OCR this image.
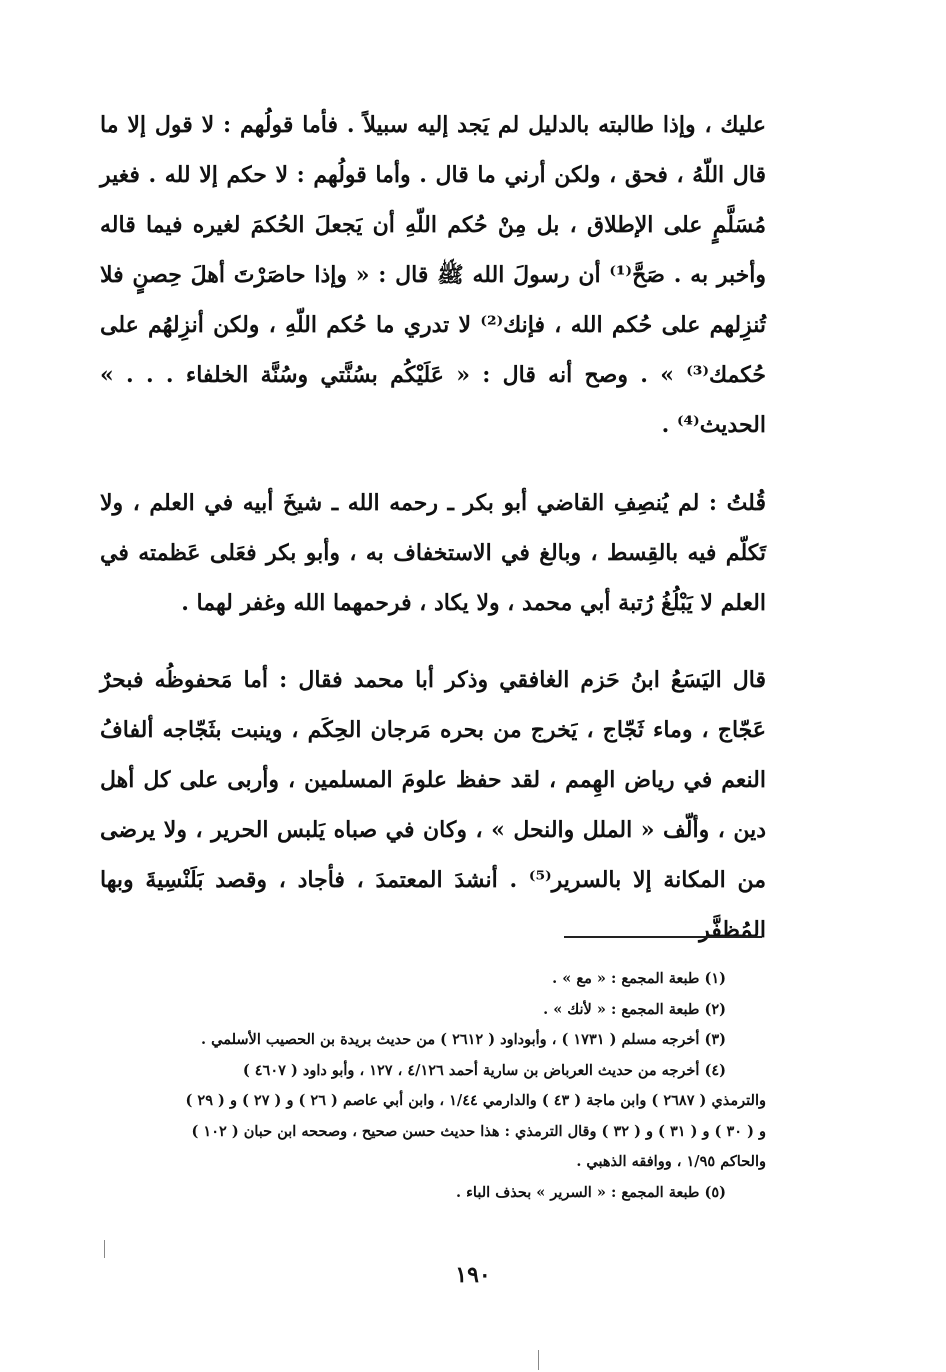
عليك ، وإذا طالبته بالدليل لم يَجد إليه سبيلاً . فأما قولُهم : لا قول إلا ما قال اللّهُ ، فحق ، ولكن أرني ما قال . وأما قولُهم : لا حكم إلا لله . فغير مُسَلَّمٍ على الإطلاق ، بل مِنْ حُكم اللّهِ أن يَجعلَ الحُكمَ لغيره فيما قاله وأخبر به . صَحَّ⁽¹⁾ أن رسولَ الله ﷺ قال : « وإذا حاصَرْتَ أهلَ حِصنٍ فلا تُنزِلهم على حُكم الله ، فإنك⁽²⁾ لا تدري ما حُكم اللّهِ ، ولكن أنزِلهُم على حُكمك⁽³⁾ » . وصح أنه قال : « عَلَيْكُم بسُنَّتي وسُنَّة الخلفاء . . . » الحديث⁽⁴⁾ .

قُلتُ : لم يُنصِفِ القاضي أبو بكر ـ رحمه الله ـ شيخَ أبيه في العلم ، ولا تَكلّم فيه بالقِسط ، وبالغ في الاستخفاف به ، وأبو بكر فعَلى عَظمته في العلم لا يَبْلُغُ رُتبة أبي محمد ، ولا يكاد ، فرحمهما الله وغفر لهما .

قال اليَسَعُ ابنُ حَزم الغافقي وذكر أبا محمد فقال : أما مَحفوظُه فبحرٌ عَجّاج ، وماء ثَجّاج ، يَخرج من بحره مَرجان الحِكَم ، وينبت بثَجّاجه ألفافُ النعم في رياض الهِمم ، لقد حفظ علومَ المسلمين ، وأربى على كل أهل دين ، وألّف « الملل والنحل » ، وكان في صباه يَلبس الحرير ، ولا يرضى من المكانة إلا بالسرير⁽⁵⁾ . أنشدَ المعتمدَ ، فأجاد ، وقصد بَلَنْسِيةَ وبها المُظفَّر

(١) طبعة المجمع : « مع » .

(٢) طبعة المجمع : « لأنك » .

(٣) أخرجه مسلم ( ١٧٣١ ) ، وأبوداود ( ٢٦١٢ ) من حديث بريدة بن الحصيب الأسلمي .

(٤) أخرجه من حديث العرباض بن سارية أحمد ٤/١٢٦ ، ١٢٧ ، وأبو داود ( ٤٦٠٧ )

والترمذي ( ٢٦٨٧ ) وابن ماجة ( ٤٣ ) والدارمي ١/٤٤ ، وابن أبي عاصم ( ٢٦ ) و ( ٢٧ ) و ( ٢٩ )

و ( ٣٠ ) و ( ٣١ ) و ( ٣٢ ) وقال الترمذي : هذا حديث حسن صحيح ، وصححه ابن حبان ( ١٠٢ )

والحاكم ١/٩٥ ، ووافقه الذهبي .

(٥) طبعة المجمع : « السرير » بحذف الباء .

١٩٠
